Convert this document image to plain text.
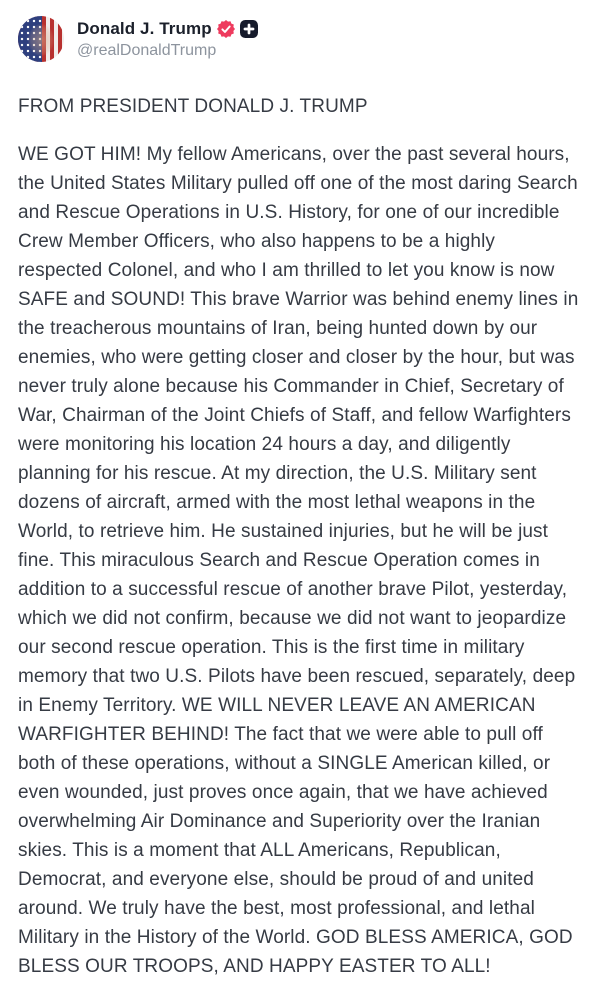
Donald J. Trump
@realDonaldTrump

FROM PRESIDENT DONALD J. TRUMP

WE GOT HIM! My fellow Americans, over the past several hours, the United States Military pulled off one of the most daring Search and Rescue Operations in U.S. History, for one of our incredible Crew Member Officers, who also happens to be a highly respected Colonel, and who I am thrilled to let you know is now SAFE and SOUND! This brave Warrior was behind enemy lines in the treacherous mountains of Iran, being hunted down by our enemies, who were getting closer and closer by the hour, but was never truly alone because his Commander in Chief, Secretary of War, Chairman of the Joint Chiefs of Staff, and fellow Warfighters were monitoring his location 24 hours a day, and diligently planning for his rescue. At my direction, the U.S. Military sent dozens of aircraft, armed with the most lethal weapons in the World, to retrieve him. He sustained injuries, but he will be just fine. This miraculous Search and Rescue Operation comes in addition to a successful rescue of another brave Pilot, yesterday, which we did not confirm, because we did not want to jeopardize our second rescue operation. This is the first time in military memory that two U.S. Pilots have been rescued, separately, deep in Enemy Territory. WE WILL NEVER LEAVE AN AMERICAN WARFIGHTER BEHIND! The fact that we were able to pull off both of these operations, without a SINGLE American killed, or even wounded, just proves once again, that we have achieved overwhelming Air Dominance and Superiority over the Iranian skies. This is a moment that ALL Americans, Republican, Democrat, and everyone else, should be proud of and united around. We truly have the best, most professional, and lethal Military in the History of the World. GOD BLESS AMERICA, GOD BLESS OUR TROOPS, AND HAPPY EASTER TO ALL!
